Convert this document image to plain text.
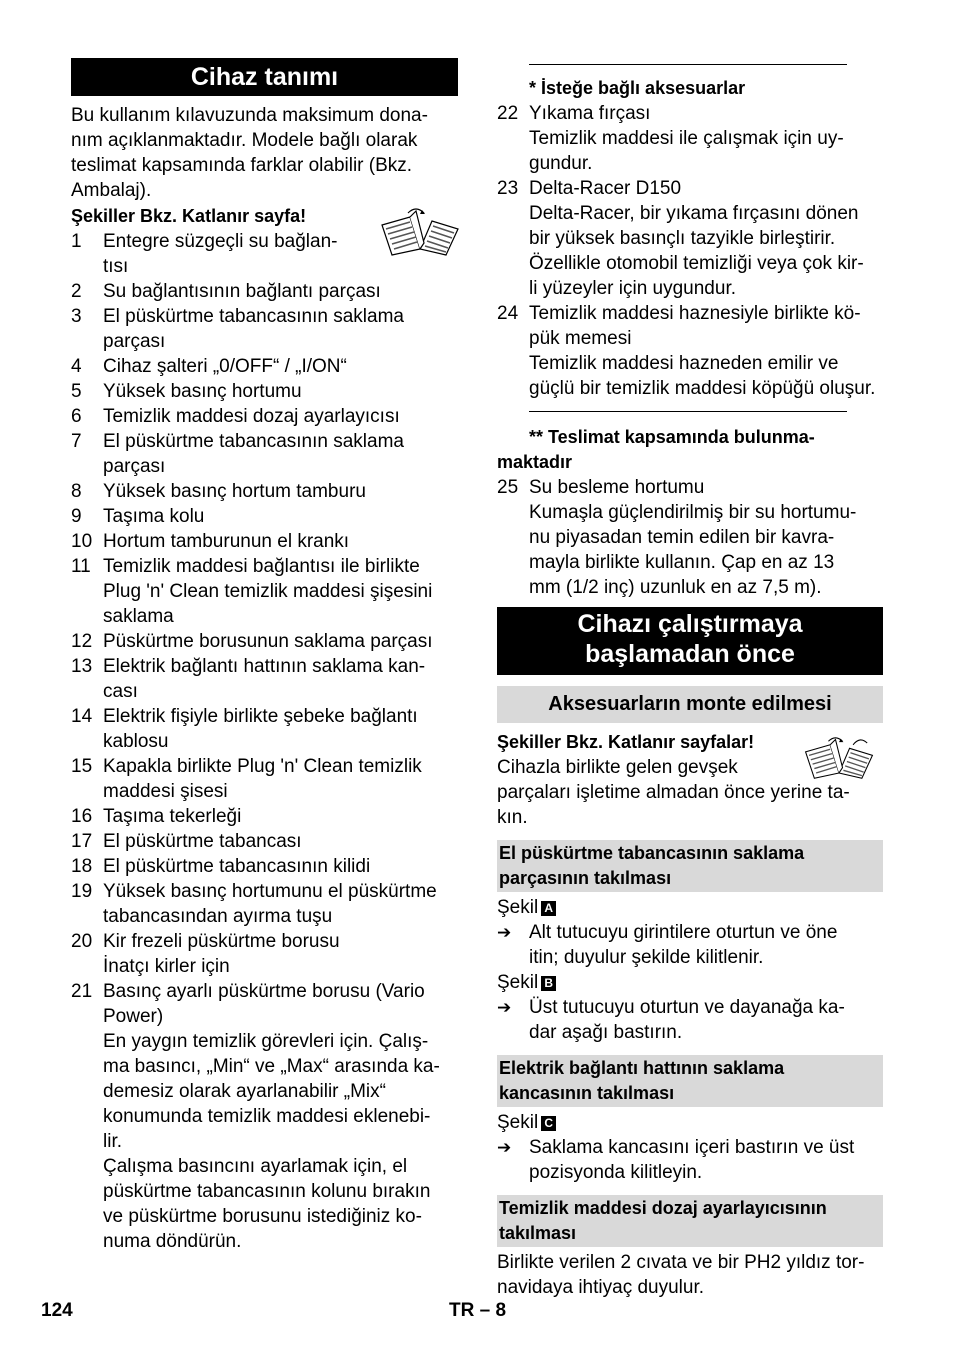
Cihaz tanımı
Bu kullanım kılavuzunda maksimum dona-
nım açıklanmaktadır. Modele bağlı olarak
teslimat kapsamında farklar olabilir (Bkz.
Ambalaj).
Şekiller Bkz. Katlanır sayfa!
1	Entegre süzgeçli su bağlan-
tısı
2	Su bağlantısının bağlantı parçası
3	El püskürtme tabancasının saklama
parçası
4	Cihaz şalteri „0/OFF“ / „I/ON“
5	Yüksek basınç hortumu
6	Temizlik maddesi dozaj ayarlayıcısı
7	El püskürtme tabancasının saklama
parçası
8	Yüksek basınç hortum tamburu
9	Taşıma kolu
10 Hortum tamburunun el krankı
11 Temizlik maddesi bağlantısı ile birlikte
Plug 'n' Clean temizlik maddesi şişesini
saklama
12 Püskürtme borusunun saklama parçası
13 Elektrik bağlantı hattının saklama kan-
cası
14 Elektrik fişiyle birlikte şebeke bağlantı
kablosu
15 Kapakla birlikte Plug 'n' Clean temizlik
maddesi şisesi
16 Taşıma tekerleği
17 El püskürtme tabancası
18 El püskürtme tabancasının kilidi
19 Yüksek basınç hortumunu el püskürtme
tabancasından ayırma tuşu
20 Kir frezeli püskürtme borusu
İnatçı kirler için
21 Basınç ayarlı püskürtme borusu (Vario
Power)
En yaygın temizlik görevleri için. Çalış-
ma basıncı, „Min“ ve „Max“ arasında ka-
demesiz olarak ayarlanabilir „Mix“
konumunda temizlik maddesi eklenebi-
lir.
Çalışma basıncını ayarlamak için, el
püskürtme tabancasının kolunu bırakın
ve püskürtme borusunu istediğiniz ko-
numa döndürün.
* İsteğe bağlı aksesuarlar
22 Yıkama fırçası
Temizlik maddesi ile çalışmak için uy-
gundur.
23 Delta-Racer D150
Delta-Racer, bir yıkama fırçasını dönen
bir yüksek basınçlı tazyikle birleştirir.
Özellikle otomobil temizliği veya çok kir-
li yüzeyler için uygundur.
24 Temizlik maddesi haznesiyle birlikte kö-
pük memesi
Temizlik maddesi hazneden emilir ve
güçlü bir temizlik maddesi köpüğü oluşur.
** Teslimat kapsamında bulunma-
maktadır
25 Su besleme hortumu
Kumaşla güçlendirilmiş bir su hortumu-
nu piyasadan temin edilen bir kavra-
mayla birlikte kullanın. Çap en az 13
mm (1/2 inç) uzunluk en az 7,5 m).
Cihazı çalıştırmaya
başlamadan önce
Aksesuarların monte edilmesi
Şekiller Bkz. Katlanır sayfalar!
Cihazla birlikte gelen gevşek
parçaları işletime almadan önce yerine ta-
kın.
El püskürtme tabancasının saklama
parçasının takılması
Şekil A
➔ Alt tutucuyu girintilere oturtun ve öne
itin; duyulur şekilde kilitlenir.
Şekil B
➔ Üst tutucuyu oturtun ve dayanağa ka-
dar aşağı bastırın.
Elektrik bağlantı hattının saklama
kancasının takılması
Şekil C
➔ Saklama kancasını içeri bastırın ve üst
pozisyonda kilitleyin.
Temizlik maddesi dozaj ayarlayıcısının
takılması
Birlikte verilen 2 cıvata ve bir PH2 yıldız tor-
navidaya ihtiyaç duyulur.
124	TR – 8
